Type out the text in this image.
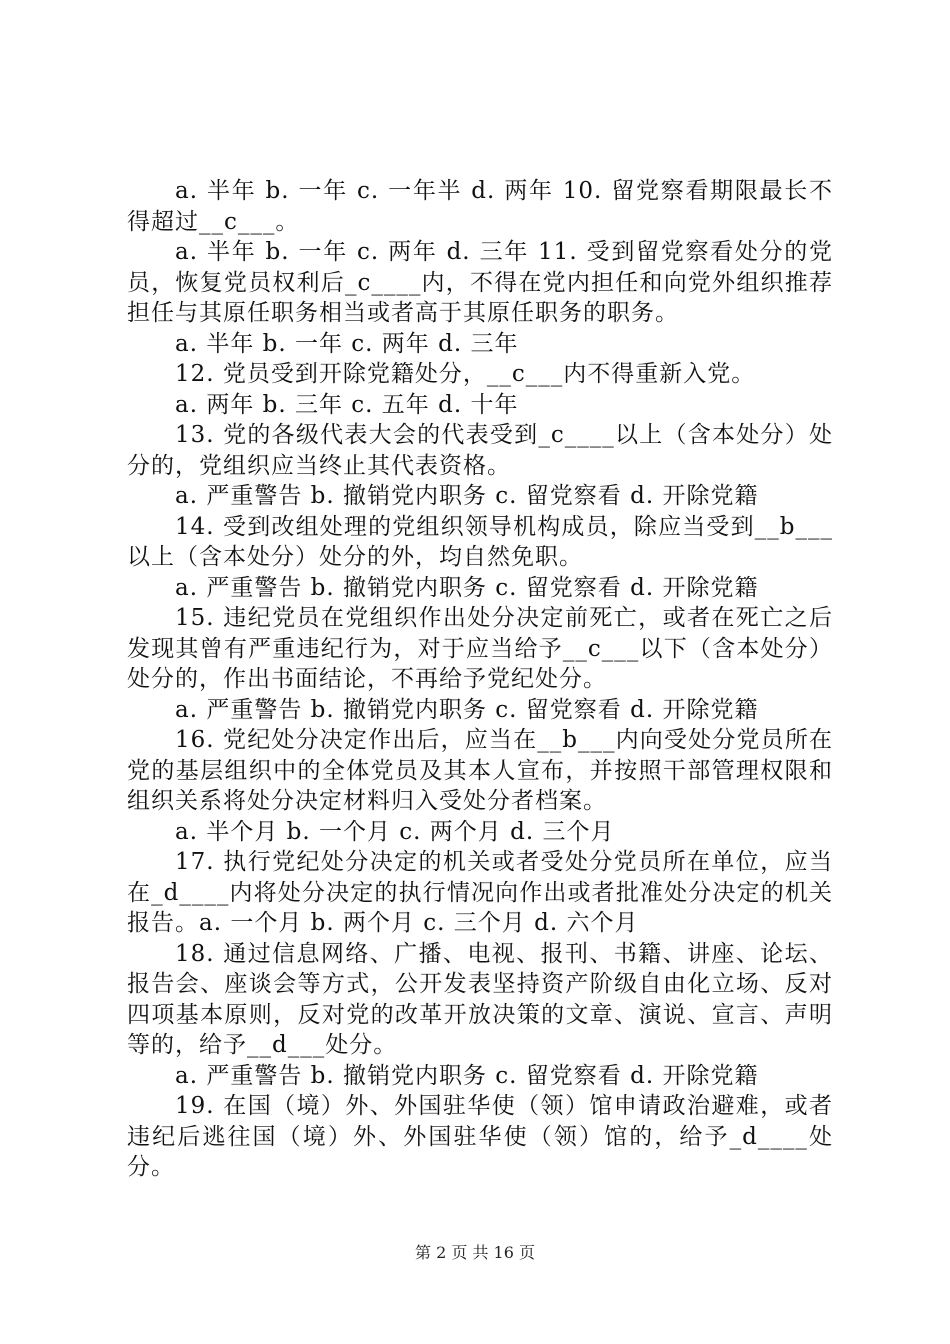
a. 半年 b. 一年 c. 一年半 d. 两年 10. 留党察看期限最长不得超过__c___。

a. 半年 b. 一年 c. 两年 d. 三年 11. 受到留党察看处分的党员，恢复党员权利后_c____内，不得在党内担任和向党外组织推荐担任与其原任职务相当或者高于其原任职务的职务。

a. 半年 b. 一年 c. 两年 d. 三年

12. 党员受到开除党籍处分，__c___内不得重新入党。

a. 两年 b. 三年 c. 五年 d. 十年

13. 党的各级代表大会的代表受到_c____以上（含本处分）处分的，党组织应当终止其代表资格。

a. 严重警告 b. 撤销党内职务 c. 留党察看 d. 开除党籍

14. 受到改组处理的党组织领导机构成员，除应当受到__b___以上（含本处分）处分的外，均自然免职。

a. 严重警告 b. 撤销党内职务 c. 留党察看 d. 开除党籍

15. 违纪党员在党组织作出处分决定前死亡，或者在死亡之后发现其曾有严重违纪行为，对于应当给予__c___以下（含本处分）处分的，作出书面结论，不再给予党纪处分。

a. 严重警告 b. 撤销党内职务 c. 留党察看 d. 开除党籍

16. 党纪处分决定作出后，应当在__b___内向受处分党员所在党的基层组织中的全体党员及其本人宣布，并按照干部管理权限和组织关系将处分决定材料归入受处分者档案。

a. 半个月 b. 一个月 c. 两个月 d. 三个月

17. 执行党纪处分决定的机关或者受处分党员所在单位，应当在_d____内将处分决定的执行情况向作出或者批准处分决定的机关报告。a. 一个月 b. 两个月 c. 三个月 d. 六个月

18. 通过信息网络、广播、电视、报刊、书籍、讲座、论坛、报告会、座谈会等方式，公开发表坚持资产阶级自由化立场、反对四项基本原则，反对党的改革开放决策的文章、演说、宣言、声明等的，给予__d___处分。

a. 严重警告 b. 撤销党内职务 c. 留党察看 d. 开除党籍

19. 在国（境）外、外国驻华使（领）馆申请政治避难，或者违纪后逃往国（境）外、外国驻华使（领）馆的，给予_d____处分。

第 2 页 共 16 页
